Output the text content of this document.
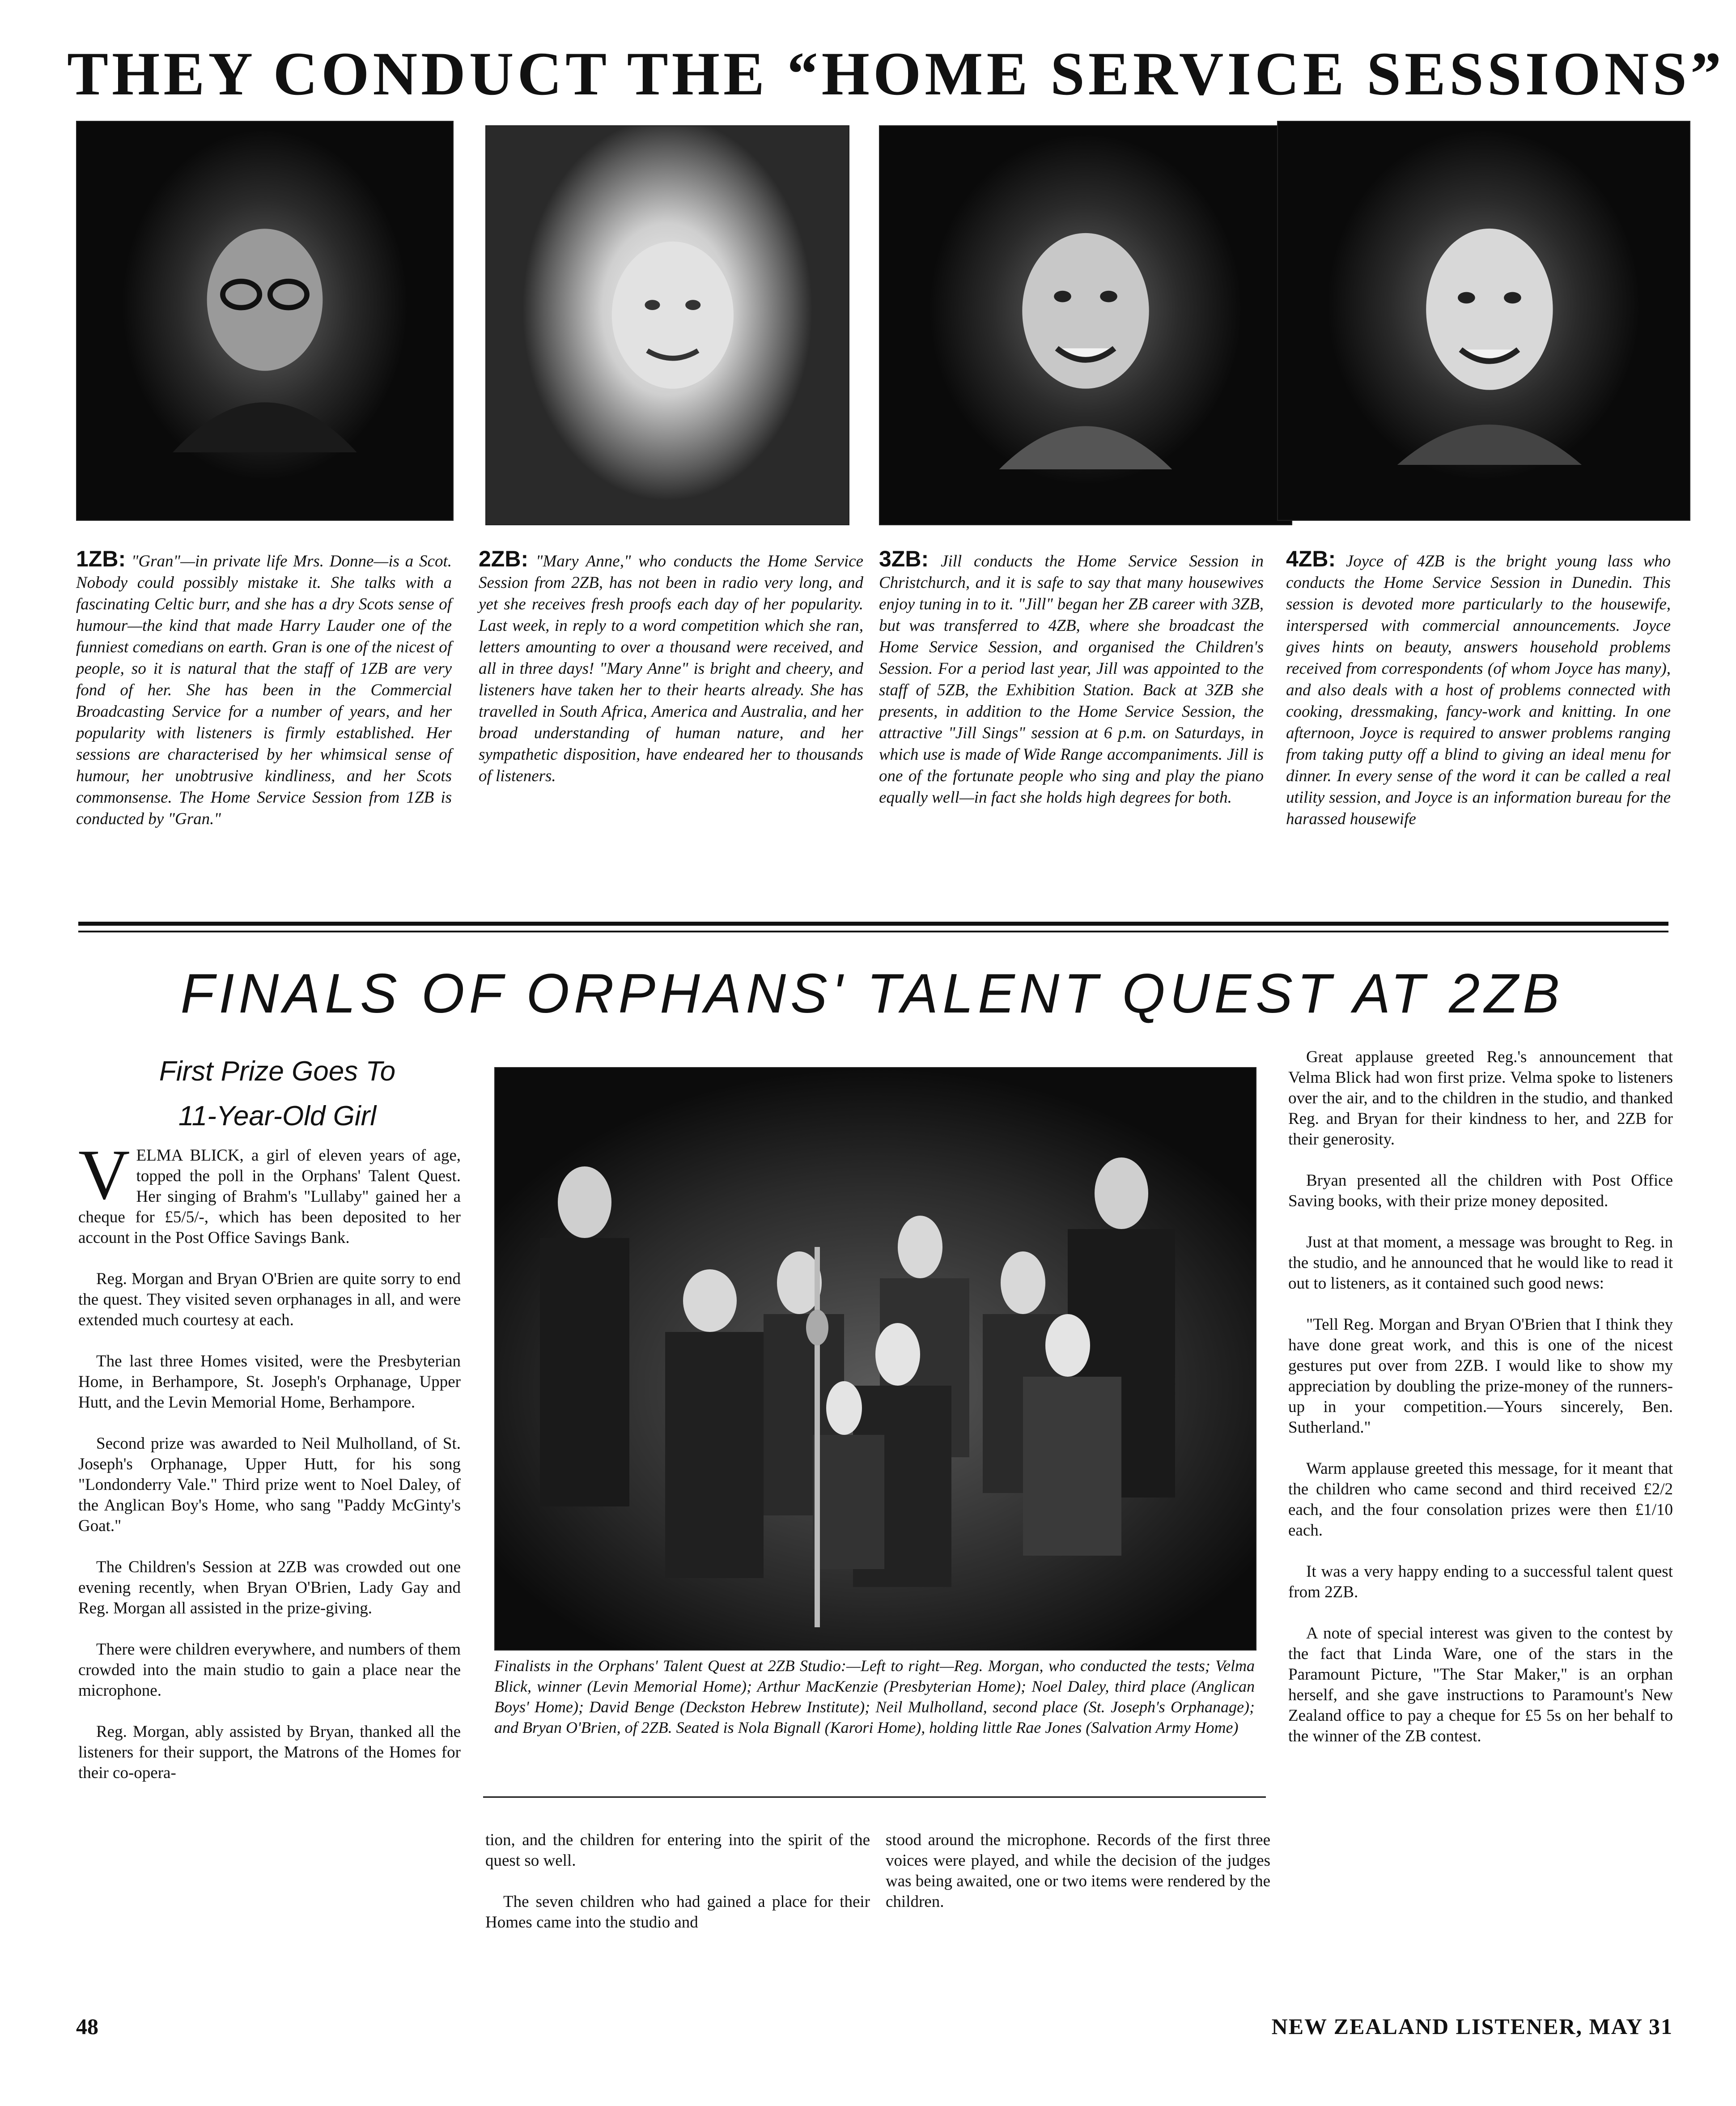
THEY CONDUCT THE “HOME SERVICE SESSIONS”
1ZB: "Gran"—in private life Mrs. Donne—is a Scot. Nobody could possibly mistake it. She talks with a fascinating Celtic burr, and she has a dry Scots sense of humour—the kind that made Harry Lauder one of the funniest comedians on earth. Gran is one of the nicest of people, so it is natural that the staff of 1ZB are very fond of her. She has been in the Commercial Broadcasting Service for a number of years, and her popularity with listeners is firmly established. Her sessions are characterised by her whimsical sense of humour, her unobtrusive kindliness, and her Scots commonsense. The Home Service Session from 1ZB is conducted by "Gran."
2ZB: "Mary Anne," who conducts the Home Service Session from 2ZB, has not been in radio very long, and yet she receives fresh proofs each day of her popularity. Last week, in reply to a word competition which she ran, letters amounting to over a thousand were received, and all in three days! "Mary Anne" is bright and cheery, and listeners have taken her to their hearts already. She has travelled in South Africa, America and Australia, and her broad understanding of human nature, and her sympathetic disposition, have endeared her to thousands of listeners.
3ZB: Jill conducts the Home Service Session in Christchurch, and it is safe to say that many housewives enjoy tuning in to it. "Jill" began her ZB career with 3ZB, but was transferred to 4ZB, where she broadcast the Home Service Session, and organised the Children's Session. For a period last year, Jill was appointed to the staff of 5ZB, the Exhibition Station. Back at 3ZB she presents, in addition to the Home Service Session, the attractive "Jill Sings" session at 6 p.m. on Saturdays, in which use is made of Wide Range accompaniments. Jill is one of the fortunate people who sing and play the piano equally well—in fact she holds high degrees for both.
4ZB: Joyce of 4ZB is the bright young lass who conducts the Home Service Session in Dunedin. This session is devoted more particularly to the housewife, interspersed with commercial announcements. Joyce gives hints on beauty, answers household problems received from correspondents (of whom Joyce has many), and also deals with a host of problems connected with cooking, dressmaking, fancy-work and knitting. In one afternoon, Joyce is required to answer problems ranging from taking putty off a blind to giving an ideal menu for dinner. In every sense of the word it can be called a real utility session, and Joyce is an information bureau for the harassed housewife
FINALS OF ORPHANS' TALENT QUEST AT 2ZB
First Prize Goes To
11-Year-Old Girl

VELMA BLICK, a girl of eleven years of age, topped the poll in the Orphans' Talent Quest. Her singing of Brahm's "Lullaby" gained her a cheque for £5/5/-, which has been deposited to her account in the Post Office Savings Bank.

Reg. Morgan and Bryan O'Brien are quite sorry to end the quest. They visited seven orphanages in all, and were extended much courtesy at each.

The last three Homes visited, were the Presbyterian Home, in Berhampore, St. Joseph's Orphanage, Upper Hutt, and the Levin Memorial Home, Berhampore.

Second prize was awarded to Neil Mulholland, of St. Joseph's Orphanage, Upper Hutt, for his song "Londonderry Vale." Third prize went to Noel Daley, of the Anglican Boy's Home, who sang "Paddy McGinty's Goat."

The Children's Session at 2ZB was crowded out one evening recently, when Bryan O'Brien, Lady Gay and Reg. Morgan all assisted in the prize-giving.

There were children everywhere, and numbers of them crowded into the main studio to gain a place near the microphone.

Reg. Morgan, ably assisted by Bryan, thanked all the listeners for their support, the Matrons of the Homes for their co-opera-

Finalists in the Orphans' Talent Quest at 2ZB Studio:—Left to right—Reg. Morgan, who conducted the tests; Velma Blick, winner (Levin Memorial Home); Arthur MacKenzie (Presbyterian Home); Noel Daley, third place (Anglican Boys' Home); David Benge (Deckston Hebrew Institute); Neil Mulholland, second place (St. Joseph's Orphanage); and Bryan O'Brien, of 2ZB. Seated is Nola Bignall (Karori Home), holding little Rae Jones (Salvation Army Home)

tion, and the children for entering into the spirit of the quest so well.

The seven children who had gained a place for their Homes came into the studio and

stood around the microphone. Records of the first three voices were played, and while the decision of the judges was being awaited, one or two items were rendered by the children.

Great applause greeted Reg.'s announcement that Velma Blick had won first prize. Velma spoke to listeners over the air, and to the children in the studio, and thanked Reg. and Bryan for their kindness to her, and 2ZB for their generosity.

Bryan presented all the children with Post Office Saving books, with their prize money deposited.

Just at that moment, a message was brought to Reg. in the studio, and he announced that he would like to read it out to listeners, as it contained such good news:

"Tell Reg. Morgan and Bryan O'Brien that I think they have done great work, and this is one of the nicest gestures put over from 2ZB. I would like to show my appreciation by doubling the prize-money of the runners-up in your competition.—Yours sincerely, Ben. Sutherland."

Warm applause greeted this message, for it meant that the children who came second and third received £2/2 each, and the four consolation prizes were then £1/10 each.

It was a very happy ending to a successful talent quest from 2ZB.

A note of special interest was given to the contest by the fact that Linda Ware, one of the stars in the Paramount Picture, "The Star Maker," is an orphan herself, and she gave instructions to Paramount's New Zealand office to pay a cheque for £5 5s on her behalf to the winner of the ZB contest.

48	NEW ZEALAND LISTENER, MAY 31
